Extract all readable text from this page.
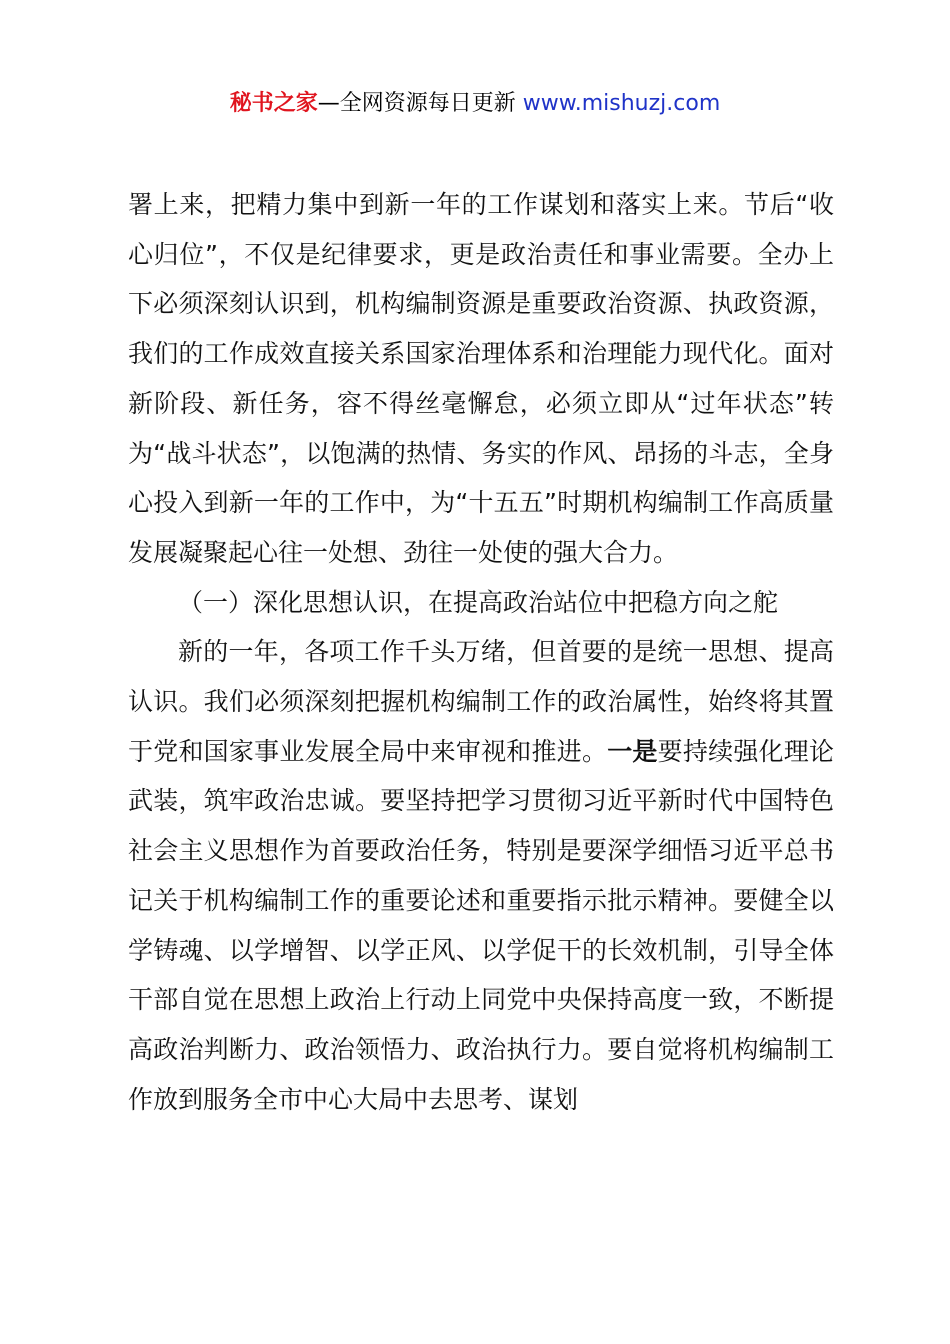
秘书之家—全网资源每日更新 www.mishuzj.com

署上来，把精力集中到新一年的工作谋划和落实上来。节后“收心归位”，不仅是纪律要求，更是政治责任和事业需要。全办上下必须深刻认识到，机构编制资源是重要政治资源、执政资源，我们的工作成效直接关系国家治理体系和治理能力现代化。面对新阶段、新任务，容不得丝毫懈怠，必须立即从“过年状态”转为“战斗状态”，以饱满的热情、务实的作风、昂扬的斗志，全身心投入到新一年的工作中，为“十五五”时期机构编制工作高质量发展凝聚起心往一处想、劲往一处使的强大合力。

（一）深化思想认识，在提高政治站位中把稳方向之舵

新的一年，各项工作千头万绪，但首要的是统一思想、提高认识。我们必须深刻把握机构编制工作的政治属性，始终将其置于党和国家事业发展全局中来审视和推进。一是要持续强化理论武装，筑牢政治忠诚。要坚持把学习贯彻习近平新时代中国特色社会主义思想作为首要政治任务，特别是要深学细悟习近平总书记关于机构编制工作的重要论述和重要指示批示精神。要健全以学铸魂、以学增智、以学正风、以学促干的长效机制，引导全体干部自觉在思想上政治上行动上同党中央保持高度一致，不断提高政治判断力、政治领悟力、政治执行力。要自觉将机构编制工作放到服务全市中心大局中去思考、谋划
